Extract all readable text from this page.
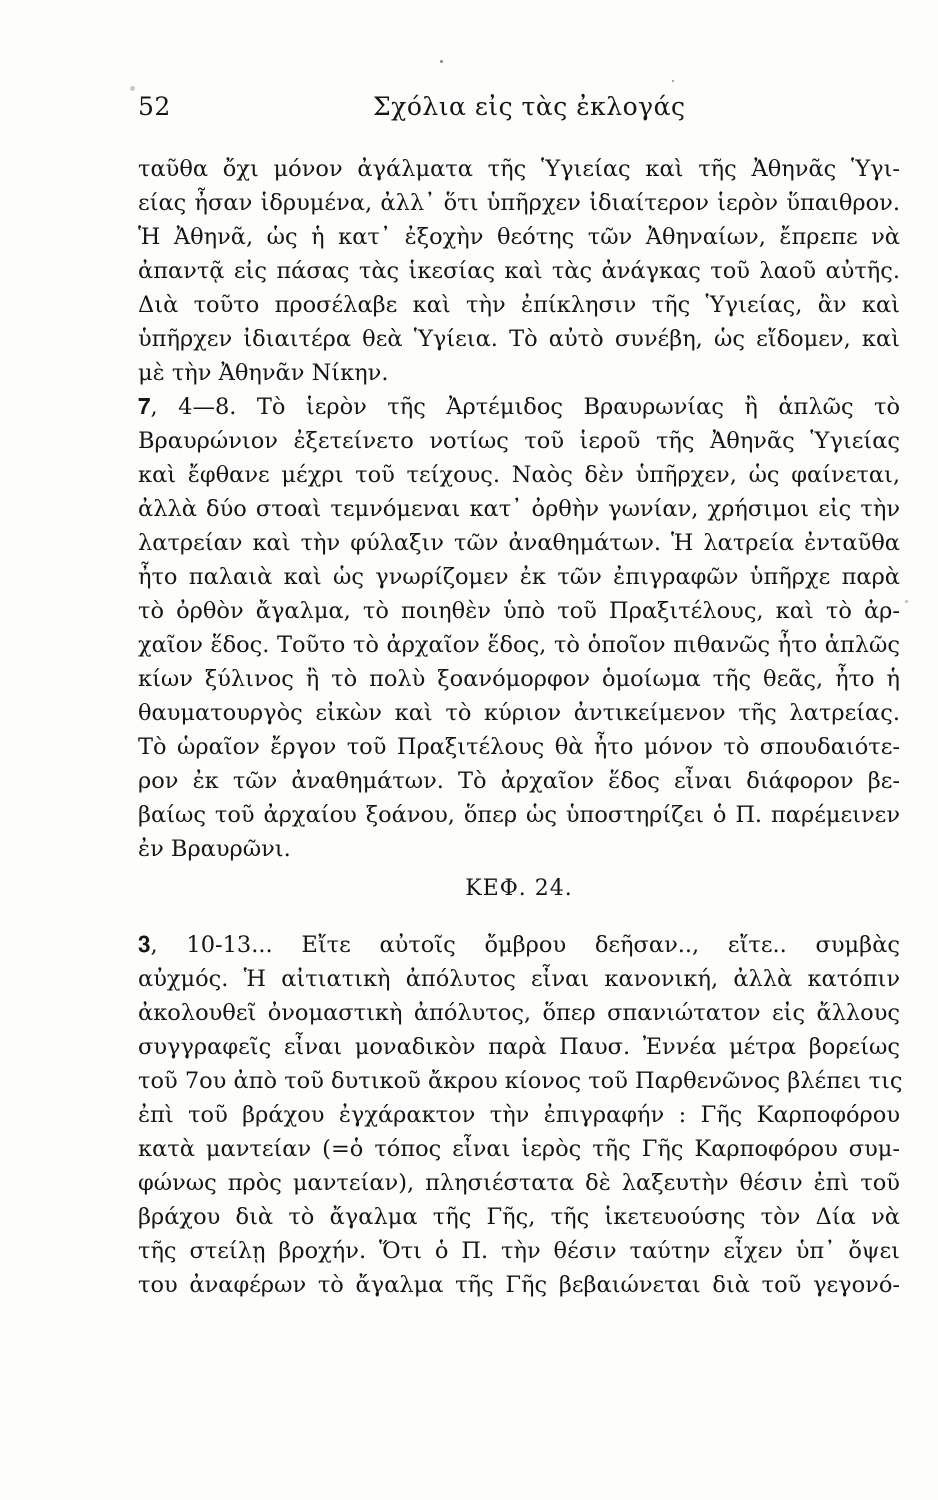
52	Σχόλια εἰς τὰς ἐκλογάς
ταῦθα ὄχι μόνον ἀγάλματα τῆς Ὑγιείας καὶ τῆς Ἀθηνᾶς Ὑγι-
είας ἦσαν ἱδρυμένα, ἀλλ᾽ ὅτι ὑπῆρχεν ἰδιαίτερον ἱερὸν ὕπαιθρον.
Ἡ Ἀθηνᾶ, ὡς ἡ κατ᾽ ἐξοχὴν θεότης τῶν Ἀθηναίων, ἔπρεπε νὰ
ἀπαντᾷ εἰς πάσας τὰς ἱκεσίας καὶ τὰς ἀνάγκας τοῦ λαοῦ αὐτῆς.
Διὰ τοῦτο προσέλαβε καὶ τὴν ἐπίκλησιν τῆς Ὑγιείας, ἂν καὶ
ὑπῆρχεν ἰδιαιτέρα θεὰ Ὑγίεια. Τὸ αὐτὸ συνέβη, ὡς εἴδομεν, καὶ
μὲ τὴν Ἀθηνᾶν Νίκην.
𝟕, 4—8. Τὸ ἱερὸν τῆς Ἀρτέμιδος Βραυρωνίας ἢ ἁπλῶς τὸ
Βραυρώνιον ἐξετείνετο νοτίως τοῦ ἱεροῦ τῆς Ἀθηνᾶς Ὑγιείας
καὶ ἔφθανε μέχρι τοῦ τείχους. Ναὸς δὲν ὑπῆρχεν, ὡς φαίνεται,
ἀλλὰ δύο στοαὶ τεμνόμεναι κατ᾽ ὀρθὴν γωνίαν, χρήσιμοι εἰς τὴν
λατρείαν καὶ τὴν φύλαξιν τῶν ἀναθημάτων. Ἡ λατρεία ἐνταῦθα
ἦτο παλαιὰ καὶ ὡς γνωρίζομεν ἐκ τῶν ἐπιγραφῶν ὑπῆρχε παρὰ
τὸ ὀρθὸν ἄγαλμα, τὸ ποιηθὲν ὑπὸ τοῦ Πραξιτέλους, καὶ τὸ ἀρ-
χαῖον ἕδος. Τοῦτο τὸ ἀρχαῖον ἕδος, τὸ ὁποῖον πιθανῶς ἦτο ἁπλῶς
κίων ξύλινος ἢ τὸ πολὺ ξοανόμορφον ὁμοίωμα τῆς θεᾶς, ἦτο ἡ
θαυματουργὸς εἰκὼν καὶ τὸ κύριον ἀντικείμενον τῆς λατρείας.
Τὸ ὡραῖον ἔργον τοῦ Πραξιτέλους θὰ ἦτο μόνον τὸ σπουδαιότε-
ρον ἐκ τῶν ἀναθημάτων. Τὸ ἀρχαῖον ἕδος εἶναι διάφορον βε-
βαίως τοῦ ἀρχαίου ξοάνου, ὅπερ ὡς ὑποστηρίζει ὁ Π. παρέμεινεν
ἐν Βραυρῶνι.
ΚΕΦ. 24.
𝟑, 10-13... Εἴτε αὐτοῖς ὄμβρου δεῆσαν.., εἴτε.. συμβὰς
αὐχμός. Ἡ αἰτιατικὴ ἀπόλυτος εἶναι κανονική, ἀλλὰ κατόπιν
ἀκολουθεῖ ὀνομαστικὴ ἀπόλυτος, ὅπερ σπανιώτατον εἰς ἄλλους
συγγραφεῖς εἶναι μοναδικὸν παρὰ Παυσ. Ἐννέα μέτρα βορείως
τοῦ 7ου ἀπὸ τοῦ δυτικοῦ ἄκρου κίονος τοῦ Παρθενῶνος βλέπει τις
ἐπὶ τοῦ βράχου ἐγχάρακτον τὴν ἐπιγραφήν : Γῆς Καρποφόρου
κατὰ μαντείαν (=ὁ τόπος εἶναι ἱερὸς τῆς Γῆς Καρποφόρου συμ-
φώνως πρὸς μαντείαν), πλησιέστατα δὲ λαξευτὴν θέσιν ἐπὶ τοῦ
βράχου διὰ τὸ ἄγαλμα τῆς Γῆς, τῆς ἱκετευούσης τὸν Δία νὰ
τῆς στείλῃ βροχήν. Ὅτι ὁ Π. τὴν θέσιν ταύτην εἶχεν ὑπ᾽ ὄψει
του ἀναφέρων τὸ ἄγαλμα τῆς Γῆς βεβαιώνεται διὰ τοῦ γεγονό-
